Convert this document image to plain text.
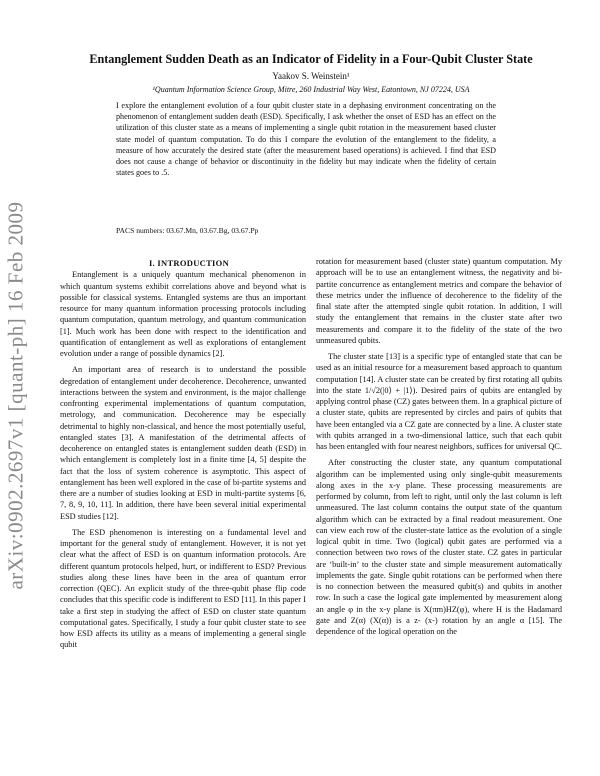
arXiv:0902.2697v1 [quant-ph] 16 Feb 2009
Entanglement Sudden Death as an Indicator of Fidelity in a Four-Qubit Cluster State
Yaakov S. Weinstein¹
¹Quantum Information Science Group, Mitre, 260 Industrial Way West, Eatontown, NJ 07224, USA
I explore the entanglement evolution of a four qubit cluster state in a dephasing environment concentrating on the phenomenon of entanglement sudden death (ESD). Specifically, I ask whether the onset of ESD has an effect on the utilization of this cluster state as a means of implementing a single qubit rotation in the measurement based cluster state model of quantum computation. To do this I compare the evolution of the entanglement to the fidelity, a measure of how accurately the desired state (after the measurement based operations) is achieved. I find that ESD does not cause a change of behavior or discontinuity in the fidelity but may indicate when the fidelity of certain states goes to .5.
PACS numbers: 03.67.Mn, 03.67.Bg, 03.67.Pp

I. INTRODUCTION

Entanglement is a uniquely quantum mechanical phenomenon in which quantum systems exhibit correlations above and beyond what is possible for classical systems. Entangled systems are thus an important resource for many quantum information processing protocols including quantum computation, quantum metrology, and quantum communication [1]. Much work has been done with respect to the identification and quantification of entanglement as well as explorations of entanglement evolution under a range of possible dynamics [2].

An important area of research is to understand the possible degredation of entanglement under decoherence. Decoherence, unwanted interactions between the system and environment, is the major challenge confronting experimental implementations of quantum computation, metrology, and communication. Decoherence may be especially detrimental to highly non-classical, and hence the most potentially useful, entangled states [3]. A manifestation of the detrimental affects of decoherence on entangled states is entanglement sudden death (ESD) in which entanglement is completely lost in a finite time [4, 5] despite the fact that the loss of system coherence is asymptotic. This aspect of entanglement has been well explored in the case of bi-partite systems and there are a number of studies looking at ESD in multi-partite systems [6, 7, 8, 9, 10, 11]. In addition, there have been several initial experimental ESD studies [12].

The ESD phenomenon is interesting on a fundamental level and important for the general study of entanglement. However, it is not yet clear what the affect of ESD is on quantum information protocols. Are different quantum protocols helped, hurt, or indifferent to ESD? Previous studies along these lines have been in the area of quantum error correction (QEC). An explicit study of the three-qubit phase flip code concludes that this specific code is indifferent to ESD [11]. In this paper I take a first step in studying the affect of ESD on cluster state quantum computational gates. Specifically, I study a four qubit cluster state to see how ESD affects its utility as a means of implementing a general single qubit

rotation for measurement based (cluster state) quantum computation. My approach will be to use an entanglement witness, the negativity and bi-partite concurrence as entanglement metrics and compare the behavior of these metrics under the influence of decoherence to the fidelity of the final state after the attempted single qubit rotation. In addition, I will study the entanglement that remains in the cluster state after two measurements and compare it to the fidelity of the state of the two unmeasured qubits.

The cluster state [13] is a specific type of entangled state that can be used as an initial resource for a measurement based approach to quantum computation [14]. A cluster state can be created by first rotating all qubits into the state 1/√2(|0⟩ + |1⟩). Desired pairs of qubits are entangled by applying control phase (CZ) gates between them. In a graphical picture of a cluster state, qubits are represented by circles and pairs of qubits that have been entangled via a CZ gate are connected by a line. A cluster state with qubits arranged in a two-dimensional lattice, such that each qubit has been entangled with four nearest neighbors, suffices for universal QC.

After constructing the cluster state, any quantum computational algorithm can be implemented using only single-qubit measurements along axes in the x-y plane. These processing measurements are performed by column, from left to right, until only the last column is left unmeasured. The last column contains the output state of the quantum algorithm which can be extracted by a final readout measurement. One can view each row of the cluster-state lattice as the evolution of a single logical qubit in time. Two (logical) qubit gates are performed via a connection between two rows of the cluster state. CZ gates in particular are ‘built-in’ to the cluster state and simple measurement automatically implements the gate. Single qubit rotations can be performed when there is no connection between the measured qubit(s) and qubits in another row. In such a case the logical gate implemented by measurement along an angle φ in the x-y plane is X(πm)HZ(φ), where H is the Hadamard gate and Z(α) (X(α)) is a z- (x-) rotation by an angle α [15]. The dependence of the logical operation on the
